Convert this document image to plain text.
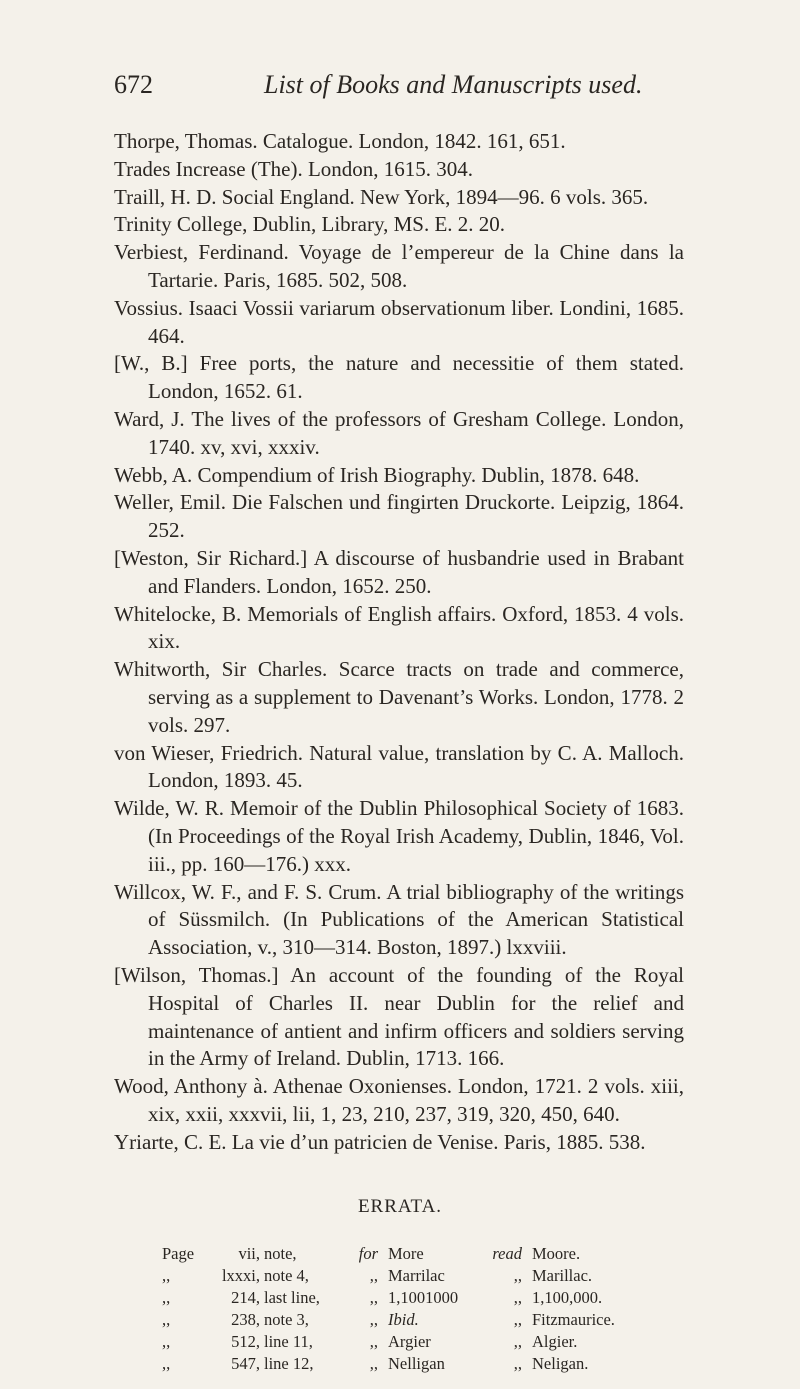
672	List of Books and Manuscripts used.

Thorpe, Thomas. Catalogue. London, 1842. 161, 651.

Trades Increase (The). London, 1615. 304.

Traill, H. D. Social England. New York, 1894—96. 6 vols. 365.

Trinity College, Dublin, Library, MS. E. 2. 20.

Verbiest, Ferdinand. Voyage de l’empereur de la Chine dans la Tartarie. Paris, 1685. 502, 508.

Vossius. Isaaci Vossii variarum observationum liber. Londini, 1685. 464.

[W., B.] Free ports, the nature and necessitie of them stated. London, 1652. 61.

Ward, J. The lives of the professors of Gresham College. London, 1740. xv, xvi, xxxiv.

Webb, A. Compendium of Irish Biography. Dublin, 1878. 648.

Weller, Emil. Die Falschen und fingirten Druckorte. Leipzig, 1864. 252.

[Weston, Sir Richard.] A discourse of husbandrie used in Brabant and Flanders. London, 1652. 250.

Whitelocke, B. Memorials of English affairs. Oxford, 1853. 4 vols. xix.

Whitworth, Sir Charles. Scarce tracts on trade and commerce, serving as a supplement to Davenant’s Works. London, 1778. 2 vols. 297.

von Wieser, Friedrich. Natural value, translation by C. A. Malloch. London, 1893. 45.

Wilde, W. R. Memoir of the Dublin Philosophical Society of 1683. (In Proceedings of the Royal Irish Academy, Dublin, 1846, Vol. iii., pp. 160—176.) xxx.

Willcox, W. F., and F. S. Crum. A trial bibliography of the writings of Süssmilch. (In Publications of the American Statistical Association, v., 310—314. Boston, 1897.) lxxviii.

[Wilson, Thomas.] An account of the founding of the Royal Hospital of Charles II. near Dublin for the relief and maintenance of antient and infirm officers and soldiers serving in the Army of Ireland. Dublin, 1713. 166.

Wood, Anthony à. Athenae Oxonienses. London, 1721. 2 vols. xiii, xix, xxii, xxxvii, lii, 1, 23, 210, 237, 319, 320, 450, 640.

Yriarte, C. E. La vie d’un patricien de Venise. Paris, 1885. 538.

ERRATA.
Page	vii,	note,	for	More	read	Moore.
,,	lxxxi,	note 4,	,,	Marrilac	,,	Marillac.
,,	214,	last line,	,,	1,1001000	,,	1,100,000.
,,	238,	note 3,	,,	Ibid.	,,	Fitzmaurice.
,,	512,	line 11,	,,	Argier	,,	Algier.
,,	547,	line 12,	,,	Nelligan	,,	Neligan.
